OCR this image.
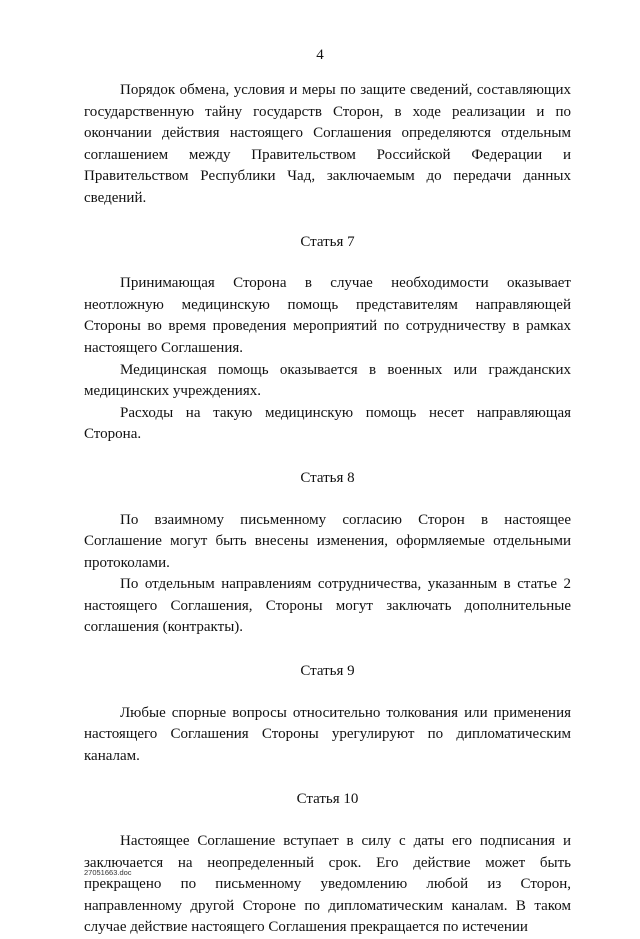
4

Порядок обмена, условия и меры по защите сведений, составляющих государственную тайну государств Сторон, в ходе реализации и по окончании действия настоящего Соглашения определяются отдельным соглашением между Правительством Российской Федерации и Правительством Республики Чад, заключаемым до передачи данных сведений.

Статья 7

Принимающая Сторона в случае необходимости оказывает неотложную медицинскую помощь представителям направляющей Стороны во время проведения мероприятий по сотрудничеству в рамках настоящего Соглашения.

Медицинская помощь оказывается в военных или гражданских медицинских учреждениях.

Расходы на такую медицинскую помощь несет направляющая Сторона.

Статья 8

По взаимному письменному согласию Сторон в настоящее Соглашение могут быть внесены изменения, оформляемые отдельными протоколами.

По отдельным направлениям сотрудничества, указанным в статье 2 настоящего Соглашения, Стороны могут заключать дополнительные соглашения (контракты).

Статья 9

Любые спорные вопросы относительно толкования или применения настоящего Соглашения Стороны урегулируют по дипломатическим каналам.

Статья 10

Настоящее Соглашение вступает в силу с даты его подписания и заключается на неопределенный срок. Его действие может быть прекращено по письменному уведомлению любой из Сторон, направленному другой Стороне по дипломатическим каналам. В таком случае действие настоящего Соглашения прекращается по истечении

27051663.doc
